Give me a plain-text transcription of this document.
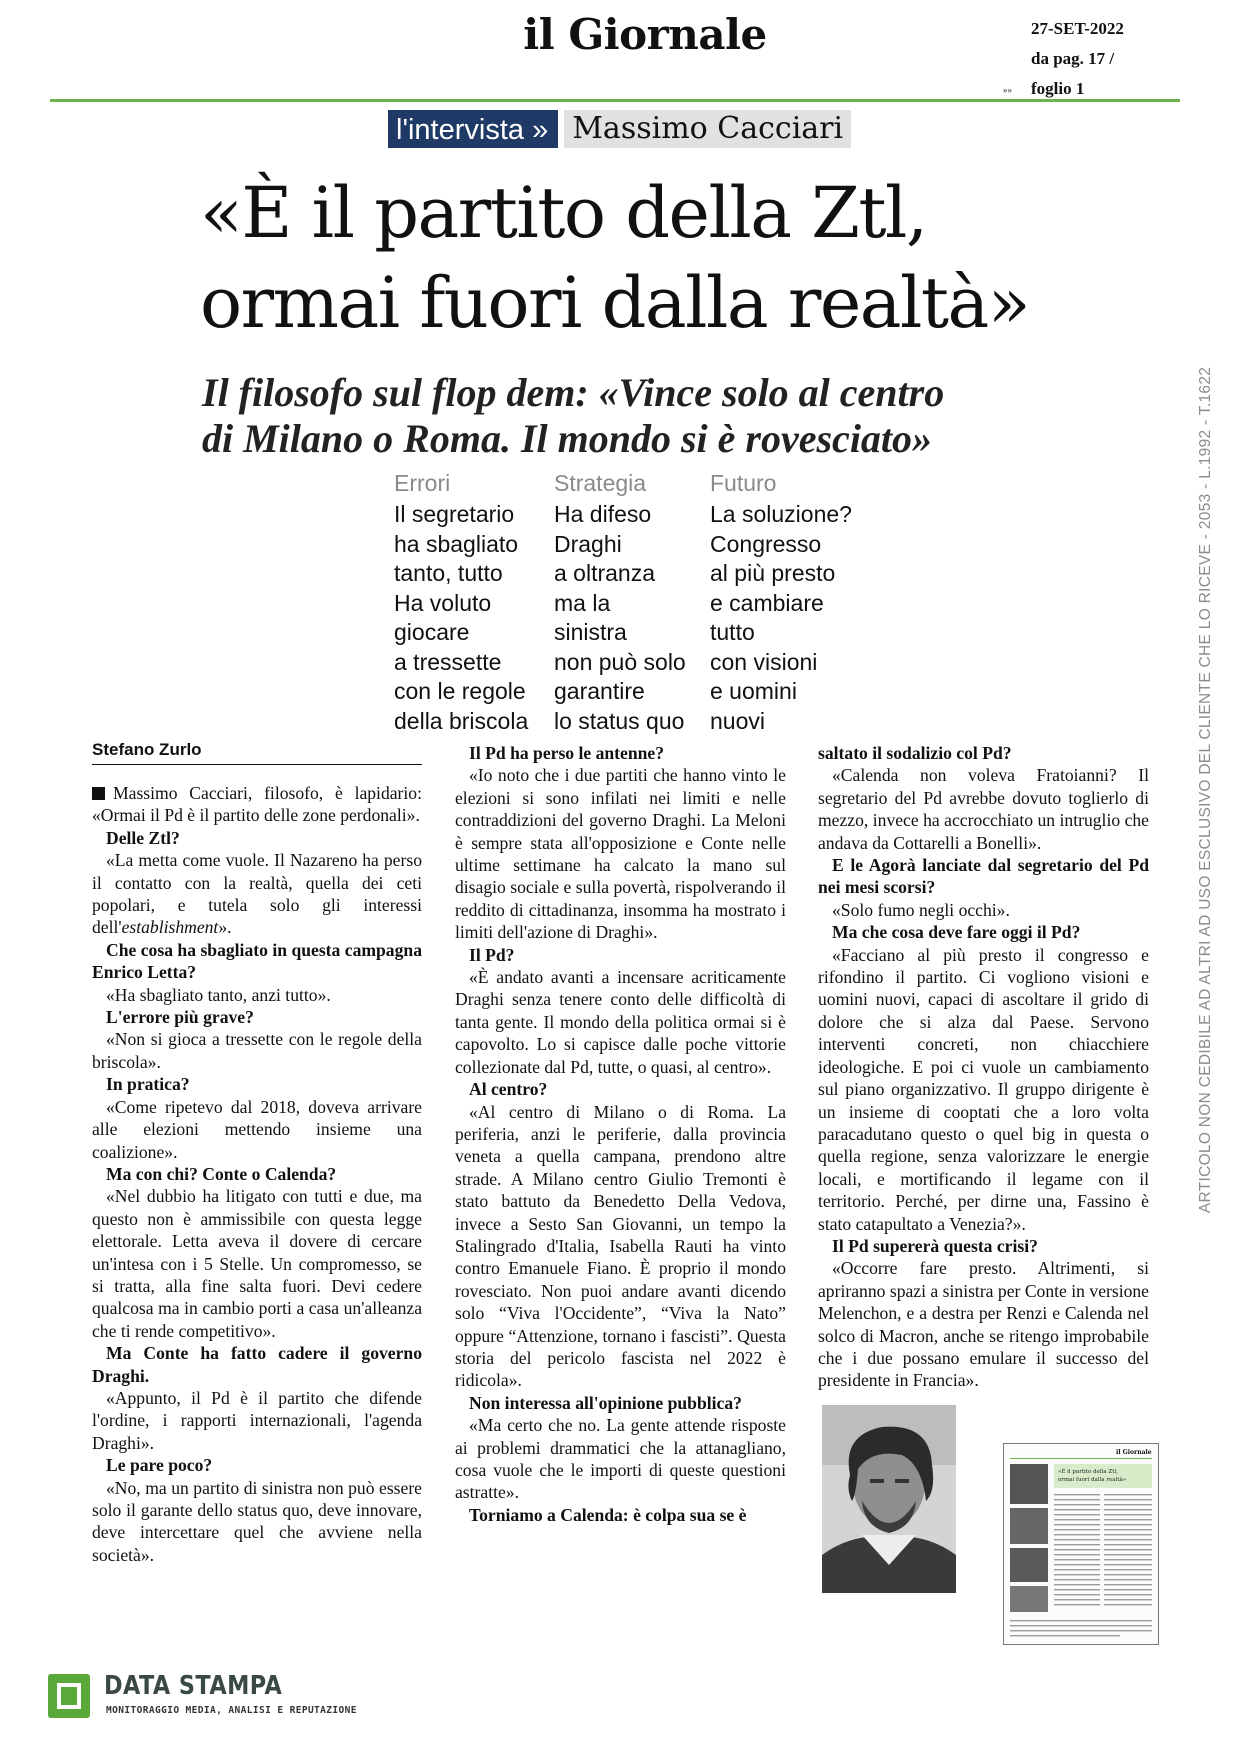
il Giornale	27-SET-2022
da pag. 17 /
foglio 1
»»
l'intervista » Massimo Cacciari
«È il partito della Ztl,
ormai fuori dalla realtà»
Il filosofo sul flop dem: «Vince solo al centro
di Milano o Roma. Il mondo si è rovesciato»
Errori
Il segretario
ha sbagliato
tanto, tutto
Ha voluto
giocare
a tressette
con le regole
della briscola
Strategia
Ha difeso
Draghi
a oltranza
ma la
sinistra
non può solo
garantire
lo status quo
Futuro
La soluzione?
Congresso
al più presto
e cambiare
tutto
con visioni
e uomini
nuovi
Stefano Zurlo

Massimo Cacciari, filosofo, è lapidario: «Ormai il Pd è il partito delle zone perdonali».

Delle Ztl?

«La metta come vuole. Il Nazareno ha perso il contatto con la realtà, quella dei ceti popolari, e tutela solo gli interessi dell'establishment».

Che cosa ha sbagliato in questa campagna Enrico Letta?

«Ha sbagliato tanto, anzi tutto».

L'errore più grave?

«Non si gioca a tressette con le regole della briscola».

In pratica?

«Come ripetevo dal 2018, doveva arrivare alle elezioni mettendo insieme una coalizione».

Ma con chi? Conte o Calenda?

«Nel dubbio ha litigato con tutti e due, ma questo non è ammissibile con questa legge elettorale. Letta aveva il dovere di cercare un'intesa con i 5 Stelle. Un compromesso, se si tratta, alla fine salta fuori. Devi cedere qualcosa ma in cambio porti a casa un'alleanza che ti rende competitivo».

Ma Conte ha fatto cadere il governo Draghi.

«Appunto, il Pd è il partito che difende l'ordine, i rapporti internazionali, l'agenda Draghi».

Le pare poco?

«No, ma un partito di sinistra non può essere solo il garante dello status quo, deve innovare, deve intercettare quel che avviene nella società».

Il Pd ha perso le antenne?

«Io noto che i due partiti che hanno vinto le elezioni si sono infilati nei limiti e nelle contraddizioni del governo Draghi. La Meloni è sempre stata all'opposizione e Conte nelle ultime settimane ha calcato la mano sul disagio sociale e sulla povertà, rispolverando il reddito di cittadinanza, insomma ha mostrato i limiti dell'azione di Draghi».

Il Pd?

«È andato avanti a incensare acriticamente Draghi senza tenere conto delle difficoltà di tanta gente. Il mondo della politica ormai si è capovolto. Lo si capisce dalle poche vittorie collezionate dal Pd, tutte, o quasi, al centro».

Al centro?

«Al centro di Milano o di Roma. La periferia, anzi le periferie, dalla provincia veneta a quella campana, prendono altre strade. A Milano centro Giulio Tremonti è stato battuto da Benedetto Della Vedova, invece a Sesto San Giovanni, un tempo la Stalingrado d'Italia, Isabella Rauti ha vinto contro Emanuele Fiano. È proprio il mondo rovesciato. Non puoi andare avanti dicendo solo “Viva l'Occidente”, “Viva la Nato” oppure “Attenzione, tornano i fascisti”. Questa storia del pericolo fascista nel 2022 è ridicola».

Non interessa all'opinione pubblica?

«Ma certo che no. La gente attende risposte ai problemi drammatici che la attanagliano, cosa vuole che le importi di queste questioni astratte».

Torniamo a Calenda: è colpa sua se è

saltato il sodalizio col Pd?

«Calenda non voleva Fratoianni? Il segretario del Pd avrebbe dovuto toglierlo di mezzo, invece ha accrocchiato un intruglio che andava da Cottarelli a Bonelli».

E le Agorà lanciate dal segretario del Pd nei mesi scorsi?

«Solo fumo negli occhi».

Ma che cosa deve fare oggi il Pd?

«Facciano al più presto il congresso e rifondino il partito. Ci vogliono visioni e uomini nuovi, capaci di ascoltare il grido di dolore che si alza dal Paese. Servono interventi concreti, non chiacchiere ideologiche. E poi ci vuole un cambiamento sul piano organizzativo. Il gruppo dirigente è un insieme di cooptati che a loro volta paracadutano questo o quel big in questa o quella regione, senza valorizzare le energie locali, e mortificando il legame con il territorio. Perché, per dirne una, Fassino è stato catapultato a Venezia?».

Il Pd supererà questa crisi?

«Occorre fare presto. Altrimenti, si apriranno spazi a sinistra per Conte in versione Melenchon, e a destra per Renzi e Calenda nel solco di Macron, anche se ritengo improbabile che i due possano emulare il successo del presidente in Francia».

il Giornale
«È il partito della Ztl,
ormai fuori dalla realtà»
ARTICOLO NON CEDIBILE AD ALTRI AD USO ESCLUSIVO DEL CLIENTE CHE LO RICEVE - 2053 - L.1992 - T.1622
DATA STAMPA
MONITORAGGIO MEDIA, ANALISI E REPUTAZIONE
